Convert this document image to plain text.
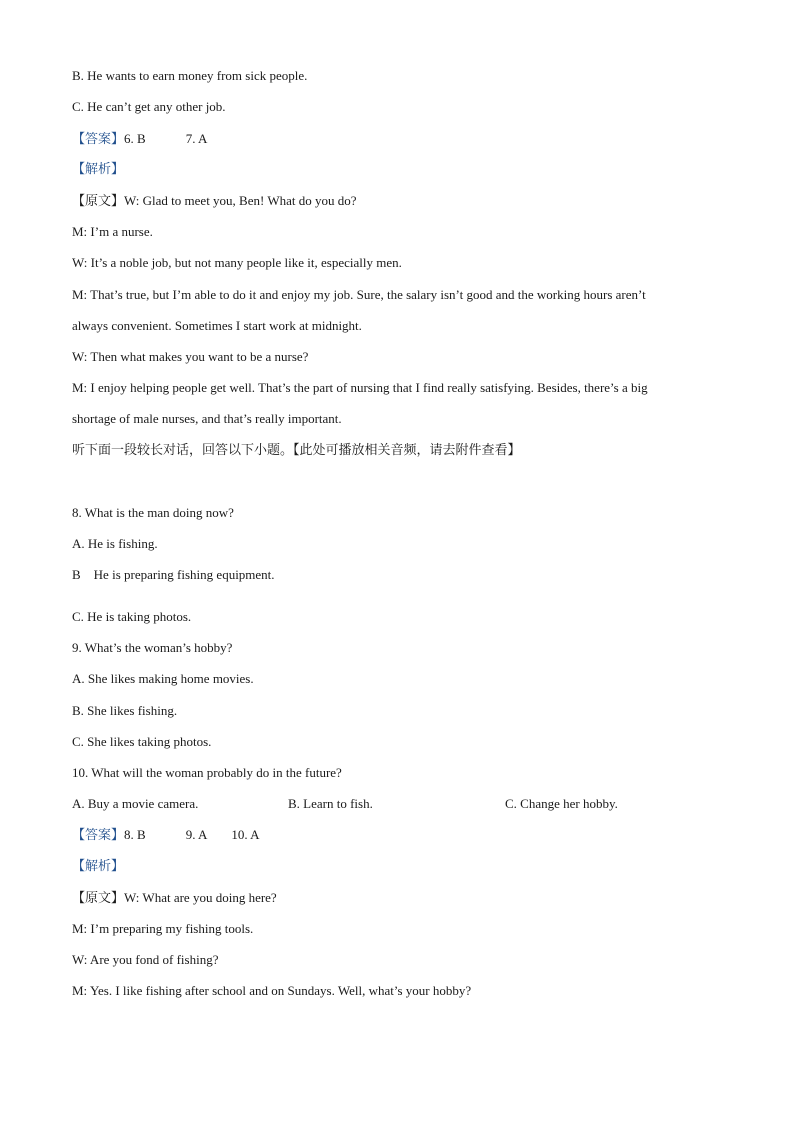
B. He wants to earn money from sick people.
C. He can’t get any other job.
【答案】6. B	7. A
【解析】
【原文】W: Glad to meet you, Ben! What do you do?
M: I’m a nurse.
W: It’s a noble job, but not many people like it, especially men.
M: That’s true, but I’m able to do it and enjoy my job. Sure, the salary isn’t good and the working hours aren’t
always convenient. Sometimes I start work at midnight.
W: Then what makes you want to be a nurse?
M: I enjoy helping people get well. That’s the part of nursing that I find really satisfying. Besides, there’s a big
shortage of male nurses, and that’s really important.
听下面一段较长对话，回答以下小题。【此处可播放相关音频，请去附件查看】
8. What is the man doing now?
A. He is fishing.
B　He is preparing fishing equipment.
C. He is taking photos.
9. What’s the woman’s hobby?
A. She likes making home movies.
B. She likes fishing.
C. She likes taking photos.
10. What will the woman probably do in the future?
A. Buy a movie camera.	B. Learn to fish.	C. Change her hobby.
【答案】8. B	9. A 10. A
【解析】
【原文】W: What are you doing here?
M: I’m preparing my fishing tools.
W: Are you fond of fishing?
M: Yes. I like fishing after school and on Sundays. Well, what’s your hobby?
